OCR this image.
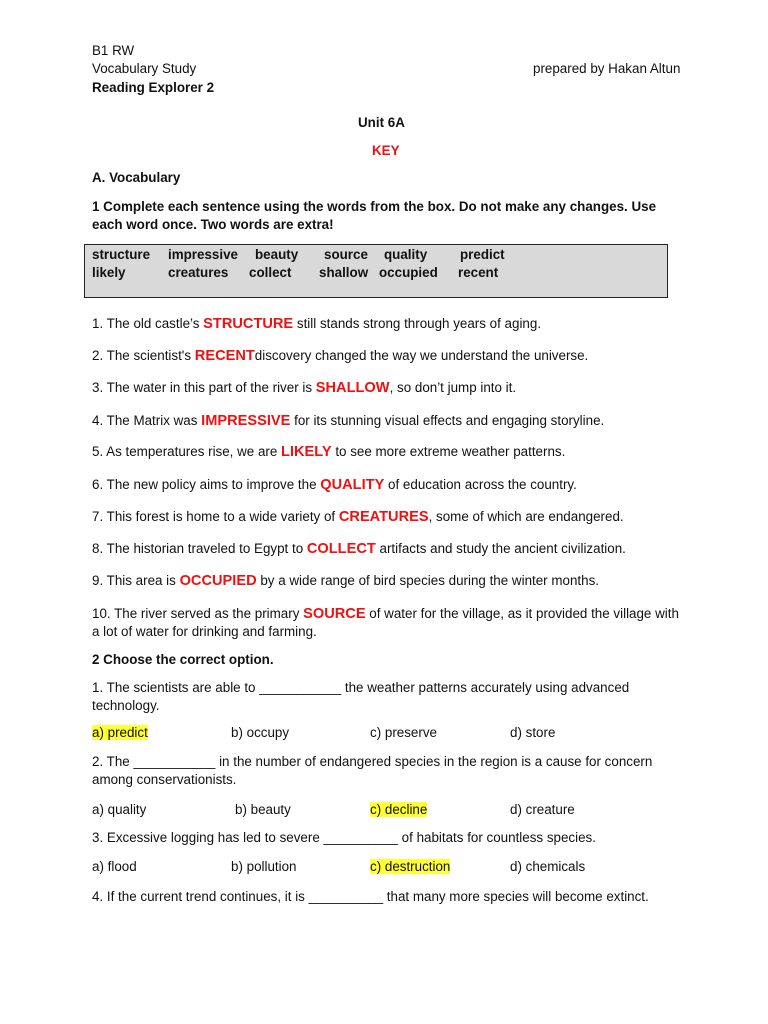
B1 RW
Vocabulary Study	prepared by Hakan Altun
Reading Explorer 2
Unit 6A
KEY
A. Vocabulary
1 Complete each sentence using the words from the box. Do not make any changes. Use each word once. Two words are extra!
structure impressive beauty source quality predict
likely	creatures collect shallow occupied recent
1. The old castle’s STRUCTURE still stands strong through years of aging.
2. The scientist's RECENTdiscovery changed the way we understand the universe.
3. The water in this part of the river is SHALLOW, so don’t jump into it.
4. The Matrix was IMPRESSIVE for its stunning visual effects and engaging storyline.
5. As temperatures rise, we are LIKELY to see more extreme weather patterns.
6. The new policy aims to improve the QUALITY of education across the country.
7. This forest is home to a wide variety of CREATURES, some of which are endangered.
8. The historian traveled to Egypt to COLLECT artifacts and study the ancient civilization.
9. This area is OCCUPIED by a wide range of bird species during the winter months.
10. The river served as the primary SOURCE of water for the village, as it provided the village with a lot of water for drinking and farming.
2 Choose the correct option.
1. The scientists are able to ___________ the weather patterns accurately using advanced technology.
a) predict	b) occupy	c) preserve	d) store
2. The ___________ in the number of endangered species in the region is a cause for concern among conservationists.
a) quality	b) beauty	c) decline	d) creature
3. Excessive logging has led to severe __________ of habitats for countless species.
a) flood	b) pollution	c) destruction	d) chemicals
4. If the current trend continues, it is __________ that many more species will become extinct.
